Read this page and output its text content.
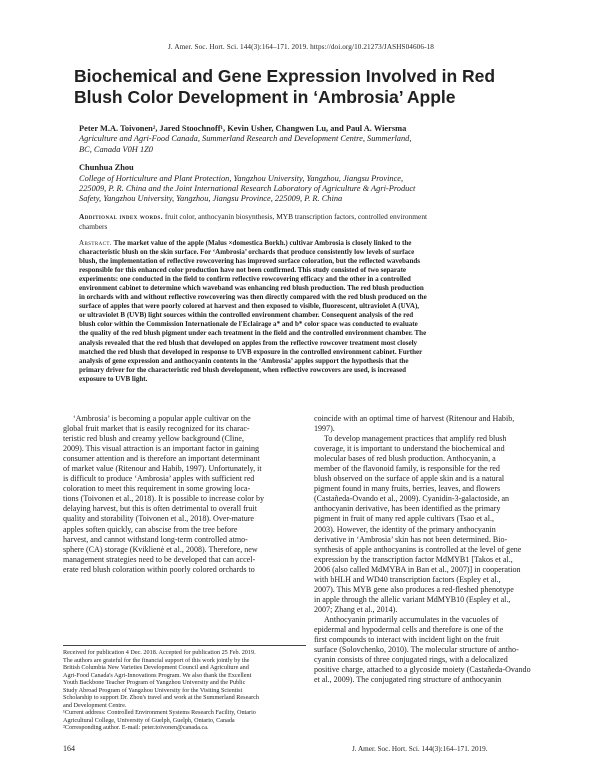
J. Amer. Soc. Hort. Sci. 144(3):164–171. 2019. https://doi.org/10.21273/JASHS04606-18
Biochemical and Gene Expression Involved in Red
Blush Color Development in ‘Ambrosia’ Apple
Peter M.A. Toivonen², Jared Stoochnoff¹, Kevin Usher, Changwen Lu, and Paul A. Wiersma
Agriculture and Agri-Food Canada, Summerland Research and Development Centre, Summerland,
BC, Canada V0H 1Z0
Chunhua Zhou
College of Horticulture and Plant Protection, Yangzhou University, Yangzhou, Jiangsu Province,
225009, P. R. China and the Joint International Research Laboratory of Agriculture & Agri-Product
Safety, Yangzhou University, Yangzhou, Jiangsu Province, 225009, P. R. China
Additional index words. fruit color, anthocyanin biosynthesis, MYB transcription factors, controlled environment
chambers
Abstract. The market value of the apple (Malus ×domestica Borkh.) cultivar Ambrosia is closely linked to the
characteristic blush on the skin surface. For ‘Ambrosia’ orchards that produce consistently low levels of surface
blush, the implementation of reflective rowcovering has improved surface coloration, but the reflected wavebands
responsible for this enhanced color production have not been confirmed. This study consisted of two separate
experiments: one conducted in the field to confirm reflective rowcovering efficacy and the other in a controlled
environment cabinet to determine which waveband was enhancing red blush production. The red blush production
in orchards with and without reflective rowcovering was then directly compared with the red blush produced on the
surface of apples that were poorly colored at harvest and then exposed to visible, fluorescent, ultraviolet A (UVA),
or ultraviolet B (UVB) light sources within the controlled environment chamber. Consequent analysis of the red
blush color within the Commission Internationale de l'Eclairage a* and b* color space was conducted to evaluate
the quality of the red blush pigment under each treatment in the field and the controlled environment chamber. The
analysis revealed that the red blush that developed on apples from the reflective rowcover treatment most closely
matched the red blush that developed in response to UVB exposure in the controlled environment cabinet. Further
analysis of gene expression and anthocyanin contents in the ‘Ambrosia’ apples support the hypothesis that the
primary driver for the characteristic red blush development, when reflective rowcovers are used, is increased
exposure to UVB light.
‘Ambrosia’ is becoming a popular apple cultivar on the
global fruit market that is easily recognized for its charac-
teristic red blush and creamy yellow background (Cline,
2009). This visual attraction is an important factor in gaining
consumer attention and is therefore an important determinant
of market value (Ritenour and Habib, 1997). Unfortunately, it
is difficult to produce ‘Ambrosia’ apples with sufficient red
coloration to meet this requirement in some growing loca-
tions (Toivonen et al., 2018). It is possible to increase color by
delaying harvest, but this is often detrimental to overall fruit
quality and storability (Toivonen et al., 2018). Over-mature
apples soften quickly, can abscise from the tree before
harvest, and cannot withstand long-term controlled atmo-
sphere (CA) storage (Kviklienė et al., 2008). Therefore, new
management strategies need to be developed that can accel-
erate red blush coloration within poorly colored orchards to
Received for publication 4 Dec. 2018. Accepted for publication 25 Feb. 2019.
The authors are grateful for the financial support of this work jointly by the
British Columbia New Varieties Development Council and Agriculture and
Agri-Food Canada's Agri-Innovations Program. We also thank the Excellent
Youth Backbone Teacher Program of Yangzhou University and the Public
Study Abroad Program of Yangzhou University for the Visiting Scientist
Scholarship to support Dr. Zhou's travel and work at the Summerland Research
and Development Centre.
¹Current address: Controlled Environment Systems Research Facility, Ontario
Agricultural College, University of Guelph, Guelph, Ontario, Canada
²Corresponding author. E-mail: peter.toivonen@canada.ca.
coincide with an optimal time of harvest (Ritenour and Habib,
1997).
To develop management practices that amplify red blush
coverage, it is important to understand the biochemical and
molecular bases of red blush production. Anthocyanin, a
member of the flavonoid family, is responsible for the red
blush observed on the surface of apple skin and is a natural
pigment found in many fruits, berries, leaves, and flowers
(Castañeda-Ovando et al., 2009). Cyanidin-3-galactoside, an
anthocyanin derivative, has been identified as the primary
pigment in fruit of many red apple cultivars (Tsao et al.,
2003). However, the identity of the primary anthocyanin
derivative in ‘Ambrosia’ skin has not been determined. Bio-
synthesis of apple anthocyanins is controlled at the level of gene
expression by the transcription factor MdMYB1 [Takos et al.,
2006 (also called MdMYBA in Ban et al., 2007)] in cooperation
with bHLH and WD40 transcription factors (Espley et al.,
2007). This MYB gene also produces a red-fleshed phenotype
in apple through the allelic variant MdMYB10 (Espley et al.,
2007; Zhang et al., 2014).
Anthocyanin primarily accumulates in the vacuoles of
epidermal and hypodermal cells and therefore is one of the
first compounds to interact with incident light on the fruit
surface (Solovchenko, 2010). The molecular structure of antho-
cyanin consists of three conjugated rings, with a delocalized
positive charge, attached to a glycoside moiety (Castañeda-Ovando
et al., 2009). The conjugated ring structure of anthocyanin
164	J. Amer. Soc. Hort. Sci. 144(3):164–171. 2019.
